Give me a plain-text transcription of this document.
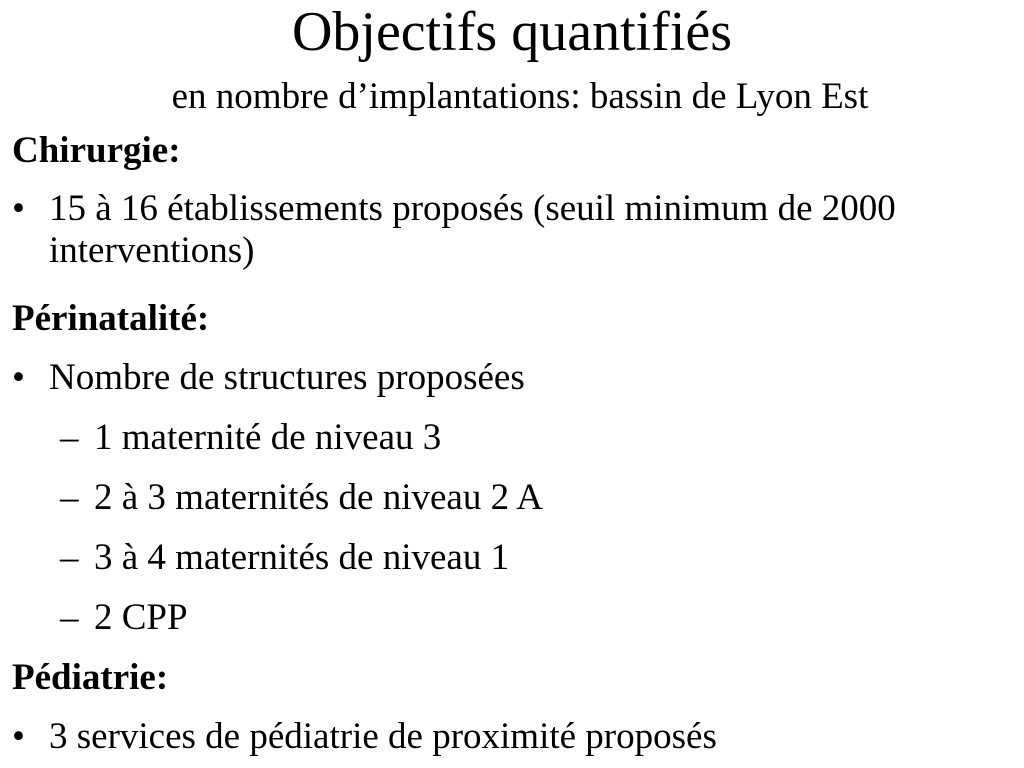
Objectifs quantifiés
en nombre d’implantations: bassin de Lyon Est
Chirurgie:
• 15 à 16 établissements proposés (seuil minimum de 2000 interventions)
Périnatalité:
• Nombre de structures proposées
– 1 maternité de niveau 3
– 2 à 3 maternités de niveau 2 A
– 3 à 4 maternités de niveau 1
– 2 CPP
Pédiatrie:
• 3 services de pédiatrie de proximité proposés
